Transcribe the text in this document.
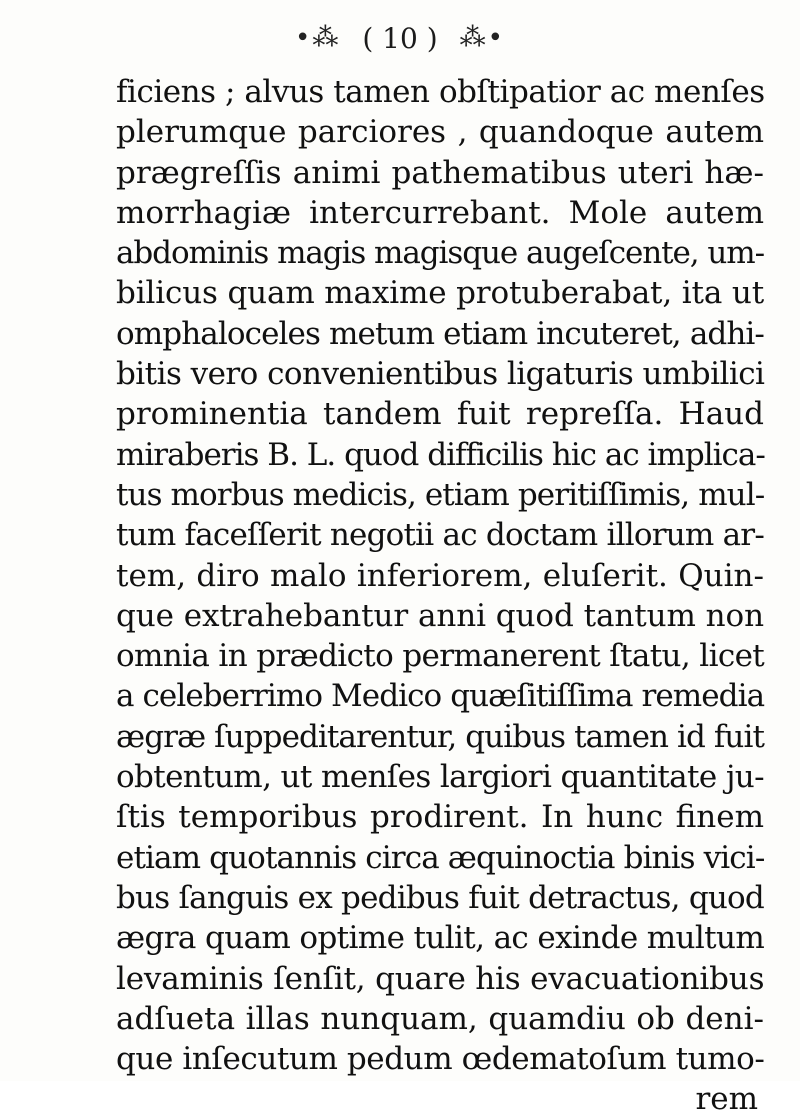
•⁂ ( 10 ) ⁂•
ficiens ; alvus tamen obſtipatior ac menſes
plerumque parciores , quandoque autem
prægreſſis animi pathematibus uteri hæ-
morrhagiæ intercurrebant. Mole autem
abdominis magis magisque augeſcente, um-
bilicus quam maxime protuberabat, ita ut
omphaloceles metum etiam incuteret, adhi-
bitis vero convenientibus ligaturis umbilici
prominentia tandem fuit repreſſa. Haud
miraberis B. L. quod difficilis hic ac implica-
tus morbus medicis, etiam peritiſſimis, mul-
tum faceſſerit negotii ac doctam illorum ar-
tem, diro malo inferiorem, eluſerit. Quin-
que extrahebantur anni quod tantum non
omnia in prædicto permanerent ſtatu, licet
a celeberrimo Medico quæſitiſſima remedia
ægræ ſuppeditarentur, quibus tamen id fuit
obtentum, ut menſes largiori quantitate ju-
ſtis temporibus prodirent. In hunc finem
etiam quotannis circa æquinoctia binis vici-
bus ſanguis ex pedibus fuit detractus, quod
ægra quam optime tulit, ac exinde multum
levaminis ſenſit, quare his evacuationibus
adſueta illas nunquam, quamdiu ob deni-
que inſecutum pedum œdematoſum tumo-
rem
